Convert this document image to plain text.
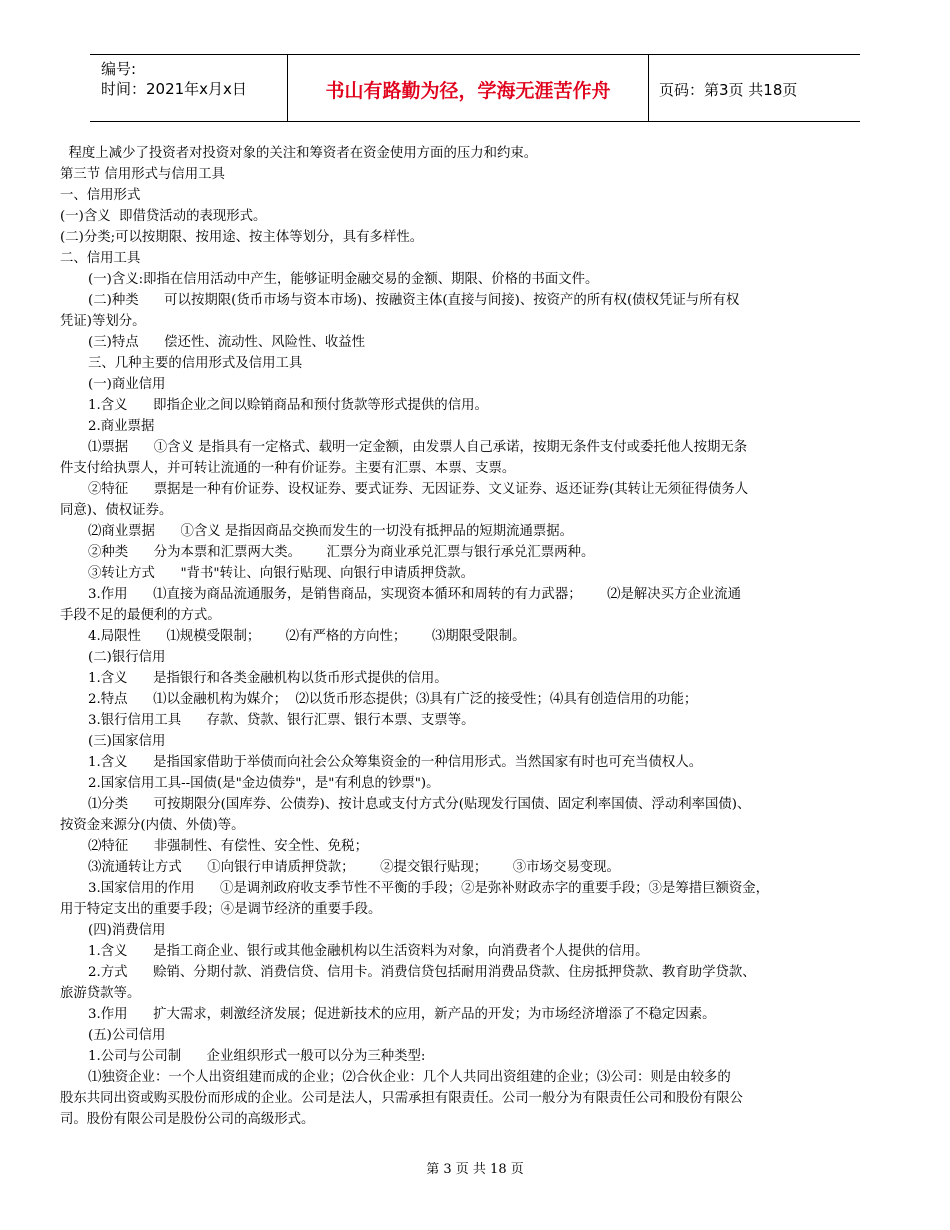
编号:
时间：2021年x月x日	书山有路勤为径，学海无涯苦作舟	页码：第3页 共18页
程度上减少了投资者对投资对象的关注和筹资者在资金使用方面的压力和约束。
第三节 信用形式与信用工具
一、信用形式
(一)含义  即借贷活动的表现形式。
(二)分类;可以按期限、按用途、按主体等划分，具有多样性。
二、信用工具
(一)含义:即指在信用活动中产生，能够证明金融交易的金额、期限、价格的书面文件。
(二)种类      可以按期限(货币市场与资本市场)、按融资主体(直接与间接)、按资产的所有权(债权凭证与所有权
凭证)等划分。
(三)特点      偿还性、流动性、风险性、收益性
三、几种主要的信用形式及信用工具
(一)商业信用
1.含义      即指企业之间以赊销商品和预付货款等形式提供的信用。
2.商业票据
⑴票据      ①含义 是指具有一定格式、载明一定金额，由发票人自己承诺，按期无条件支付或委托他人按期无条
件支付给执票人，并可转让流通的一种有价证券。主要有汇票、本票、支票。
②特征      票据是一种有价证券、设权证券、要式证券、无因证券、文义证券、返还证券(其转让无须征得债务人
同意)、债权证券。
⑵商业票据      ①含义 是指因商品交换而发生的一切没有抵押品的短期流通票据。
②种类      分为本票和汇票两大类。      汇票分为商业承兑汇票与银行承兑汇票两种。
③转让方式      "背书"转让、向银行贴现、向银行申请质押贷款。
3.作用      ⑴直接为商品流通服务，是销售商品，实现资本循环和周转的有力武器；      ⑵是解决买方企业流通
手段不足的最便利的方式。
4.局限性      ⑴规模受限制；      ⑵有严格的方向性；      ⑶期限受限制。
(二)银行信用
1.含义      是指银行和各类金融机构以货币形式提供的信用。
2.特点      ⑴以金融机构为媒介；  ⑵以货币形态提供；⑶具有广泛的接受性；⑷具有创造信用的功能；
3.银行信用工具      存款、贷款、银行汇票、银行本票、支票等。
(三)国家信用
1.含义      是指国家借助于举债而向社会公众筹集资金的一种信用形式。当然国家有时也可充当债权人。
2.国家信用工具--国债(是"金边债券"，是"有利息的钞票")。
⑴分类      可按期限分(国库券、公债券)、按计息或支付方式分(贴现发行国债、固定利率国债、浮动利率国债)、
按资金来源分(内债、外债)等。
⑵特征      非强制性、有偿性、安全性、免税；
⑶流通转让方式      ①向银行申请质押贷款；      ②提交银行贴现；      ③市场交易变现。
3.国家信用的作用      ①是调剂政府收支季节性不平衡的手段；②是弥补财政赤字的重要手段；③是筹措巨额资金，
用于特定支出的重要手段；④是调节经济的重要手段。
(四)消费信用
1.含义      是指工商企业、银行或其他金融机构以生活资料为对象，向消费者个人提供的信用。
2.方式      赊销、分期付款、消费信贷、信用卡。消费信贷包括耐用消费品贷款、住房抵押贷款、教育助学贷款、
旅游贷款等。
3.作用      扩大需求，刺激经济发展；促进新技术的应用，新产品的开发；为市场经济增添了不稳定因素。
(五)公司信用
1.公司与公司制      企业组织形式一般可以分为三种类型:
⑴独资企业：一个人出资组建而成的企业；⑵合伙企业：几个人共同出资组建的企业；⑶公司：则是由较多的
股东共同出资或购买股份而形成的企业。公司是法人，只需承担有限责任。公司一般分为有限责任公司和股份有限公
司。股份有限公司是股份公司的高级形式。
第 3 页 共 18 页
